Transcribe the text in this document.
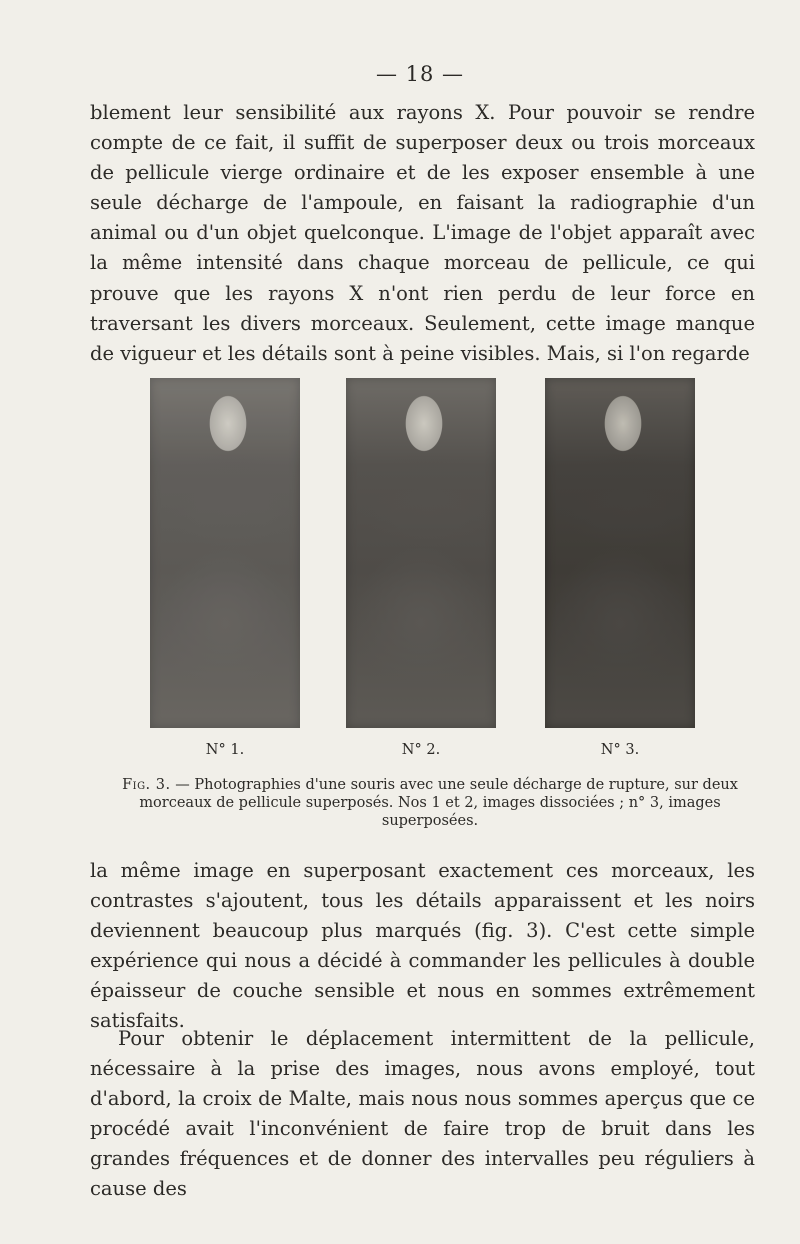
— 18 —

blement leur sensibilité aux rayons X. Pour pouvoir se rendre compte de ce fait, il suffit de superposer deux ou trois morceaux de pellicule vierge ordinaire et de les exposer ensemble à une seule décharge de l'ampoule, en faisant la radiographie d'un animal ou d'un objet quelconque. L'image de l'objet apparaît avec la même intensité dans chaque morceau de pellicule, ce qui prouve que les rayons X n'ont rien perdu de leur force en traversant les divers morceaux. Seulement, cette image manque de vigueur et les détails sont à peine visibles. Mais, si l'on regarde

N° 1.	N° 2.	N° 3.

Fig. 3. — Photographies d'une souris avec une seule décharge de rupture, sur deux morceaux de pellicule superposés. Nos 1 et 2, images dissociées ; n° 3, images superposées.

la même image en superposant exactement ces morceaux, les contrastes s'ajoutent, tous les détails apparaissent et les noirs deviennent beaucoup plus marqués (fig. 3). C'est cette simple expérience qui nous a décidé à commander les pellicules à double épaisseur de couche sensible et nous en sommes extrêmement satisfaits.

Pour obtenir le déplacement intermittent de la pellicule, nécessaire à la prise des images, nous avons employé, tout d'abord, la croix de Malte, mais nous nous sommes aperçus que ce procédé avait l'inconvénient de faire trop de bruit dans les grandes fréquences et de donner des intervalles peu réguliers à cause des
